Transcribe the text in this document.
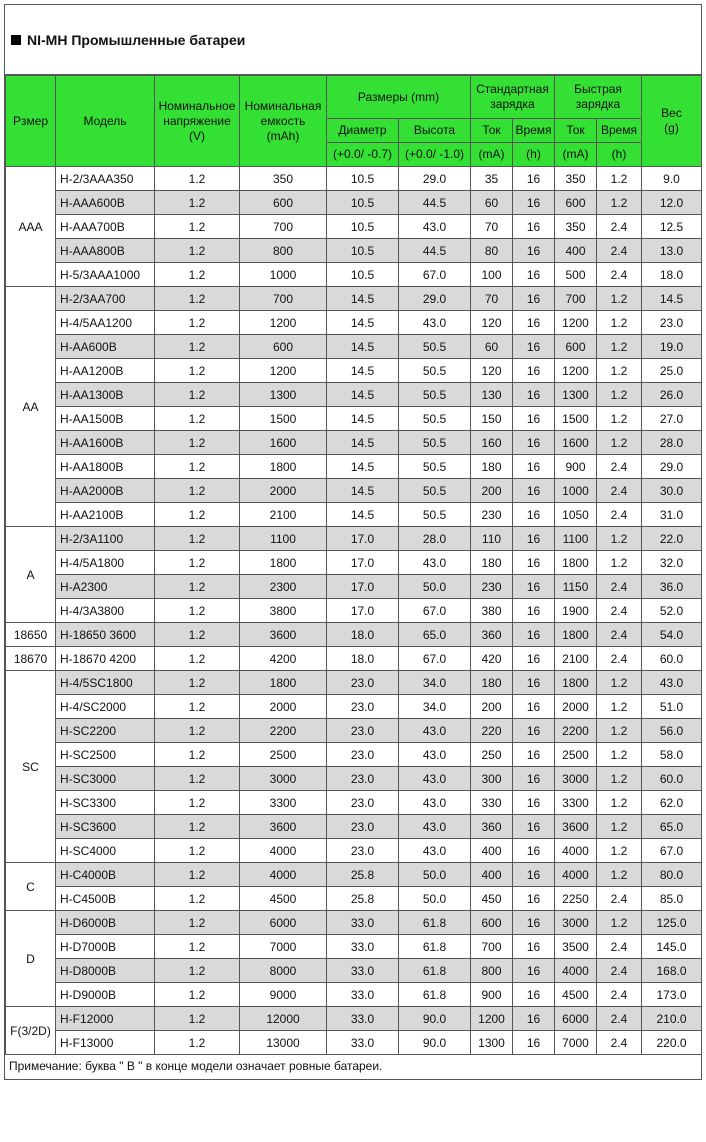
NI-MH Промышленные батареи
Рзмер	Модель	Номинальное
напряжение
(V)	Номинальная
емкость
(mAh)	Размеры (mm)		Стандартная
зарядка		Быстрая
зарядка		Вес
(g)
				Диаметр	Высота	Ток	Время	Ток	Время	
				(+0.0/ -0.7)	(+0.0/ -1.0)	(mA)	(h)	(mA)	(h)	
AAA	H-2/3AAA350	1.2	350	10.5	29.0	35	16	350	1.2	9.0
	H-AAA600B	1.2	600	10.5	44.5	60	16	600	1.2	12.0
	H-AAA700B	1.2	700	10.5	43.0	70	16	350	2.4	12.5
	H-AAA800B	1.2	800	10.5	44.5	80	16	400	2.4	13.0
	H-5/3AAA1000	1.2	1000	10.5	67.0	100	16	500	2.4	18.0
AA	H-2/3AA700	1.2	700	14.5	29.0	70	16	700	1.2	14.5
	H-4/5AA1200	1.2	1200	14.5	43.0	120	16	1200	1.2	23.0
	H-AA600B	1.2	600	14.5	50.5	60	16	600	1.2	19.0
	H-AA1200B	1.2	1200	14.5	50.5	120	16	1200	1.2	25.0
	H-AA1300B	1.2	1300	14.5	50.5	130	16	1300	1.2	26.0
	H-AA1500B	1.2	1500	14.5	50.5	150	16	1500	1.2	27.0
	H-AA1600B	1.2	1600	14.5	50.5	160	16	1600	1.2	28.0
	H-AA1800B	1.2	1800	14.5	50.5	180	16	900	2.4	29.0
	H-AA2000B	1.2	2000	14.5	50.5	200	16	1000	2.4	30.0
	H-AA2100B	1.2	2100	14.5	50.5	230	16	1050	2.4	31.0
A	H-2/3A1100	1.2	1100	17.0	28.0	110	16	1100	1.2	22.0
	H-4/5A1800	1.2	1800	17.0	43.0	180	16	1800	1.2	32.0
	H-A2300	1.2	2300	17.0	50.0	230	16	1150	2.4	36.0
	H-4/3A3800	1.2	3800	17.0	67.0	380	16	1900	2.4	52.0
18650	H-18650 3600	1.2	3600	18.0	65.0	360	16	1800	2.4	54.0
18670	H-18670 4200	1.2	4200	18.0	67.0	420	16	2100	2.4	60.0
SC	H-4/5SC1800	1.2	1800	23.0	34.0	180	16	1800	1.2	43.0
	H-4/SC2000	1.2	2000	23.0	34.0	200	16	2000	1.2	51.0
	H-SC2200	1.2	2200	23.0	43.0	220	16	2200	1.2	56.0
	H-SC2500	1.2	2500	23.0	43.0	250	16	2500	1.2	58.0
	H-SC3000	1.2	3000	23.0	43.0	300	16	3000	1.2	60.0
	H-SC3300	1.2	3300	23.0	43.0	330	16	3300	1.2	62.0
	H-SC3600	1.2	3600	23.0	43.0	360	16	3600	1.2	65.0
	H-SC4000	1.2	4000	23.0	43.0	400	16	4000	1.2	67.0
C	H-C4000B	1.2	4000	25.8	50.0	400	16	4000	1.2	80.0
	H-C4500B	1.2	4500	25.8	50.0	450	16	2250	2.4	85.0
D	H-D6000B	1.2	6000	33.0	61.8	600	16	3000	1.2	125.0
	H-D7000B	1.2	7000	33.0	61.8	700	16	3500	2.4	145.0
	H-D8000B	1.2	8000	33.0	61.8	800	16	4000	2.4	168.0
	H-D9000B	1.2	9000	33.0	61.8	900	16	4500	2.4	173.0
F(3/2D)	H-F12000	1.2	12000	33.0	90.0	1200	16	6000	2.4	210.0
	H-F13000	1.2	13000	33.0	90.0	1300	16	7000	2.4	220.0
Примечание: буква " B " в конце модели означает ровные батареи.
